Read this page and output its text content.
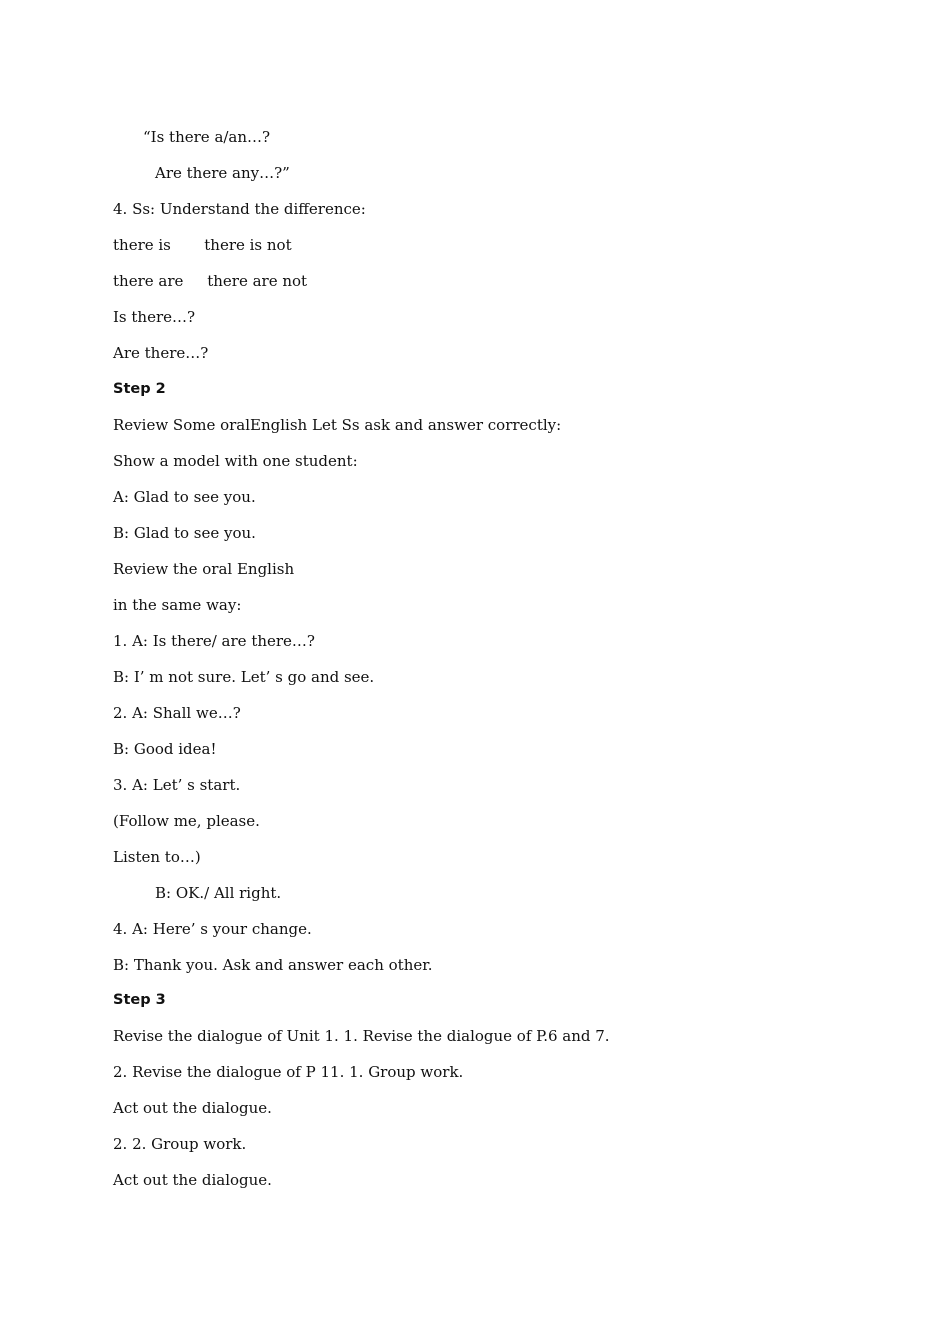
“Is there a/an…?
Are there any…?”
4. Ss: Understand the difference:
there is       there is not
there are     there are not
Is there…?
Are there…?
Step 2
Review Some oralEnglish Let Ss ask and answer correctly:
Show a model with one student:
A: Glad to see you.
B: Glad to see you.
Review the oral English
in the same way:
1. A: Is there/ are there…?
B: I’ m not sure. Let’ s go and see.
2. A: Shall we…?
B: Good idea!
3. A: Let’ s start.
(Follow me, please.
Listen to…)
B: OK./ All right.
4. A: Here’ s your change.
B: Thank you. Ask and answer each other.
Step 3
Revise the dialogue of Unit 1. 1. Revise the dialogue of P.6 and 7.
2. Revise the dialogue of P 11. 1. Group work.
Act out the dialogue.
2. 2. Group work.
Act out the dialogue.
